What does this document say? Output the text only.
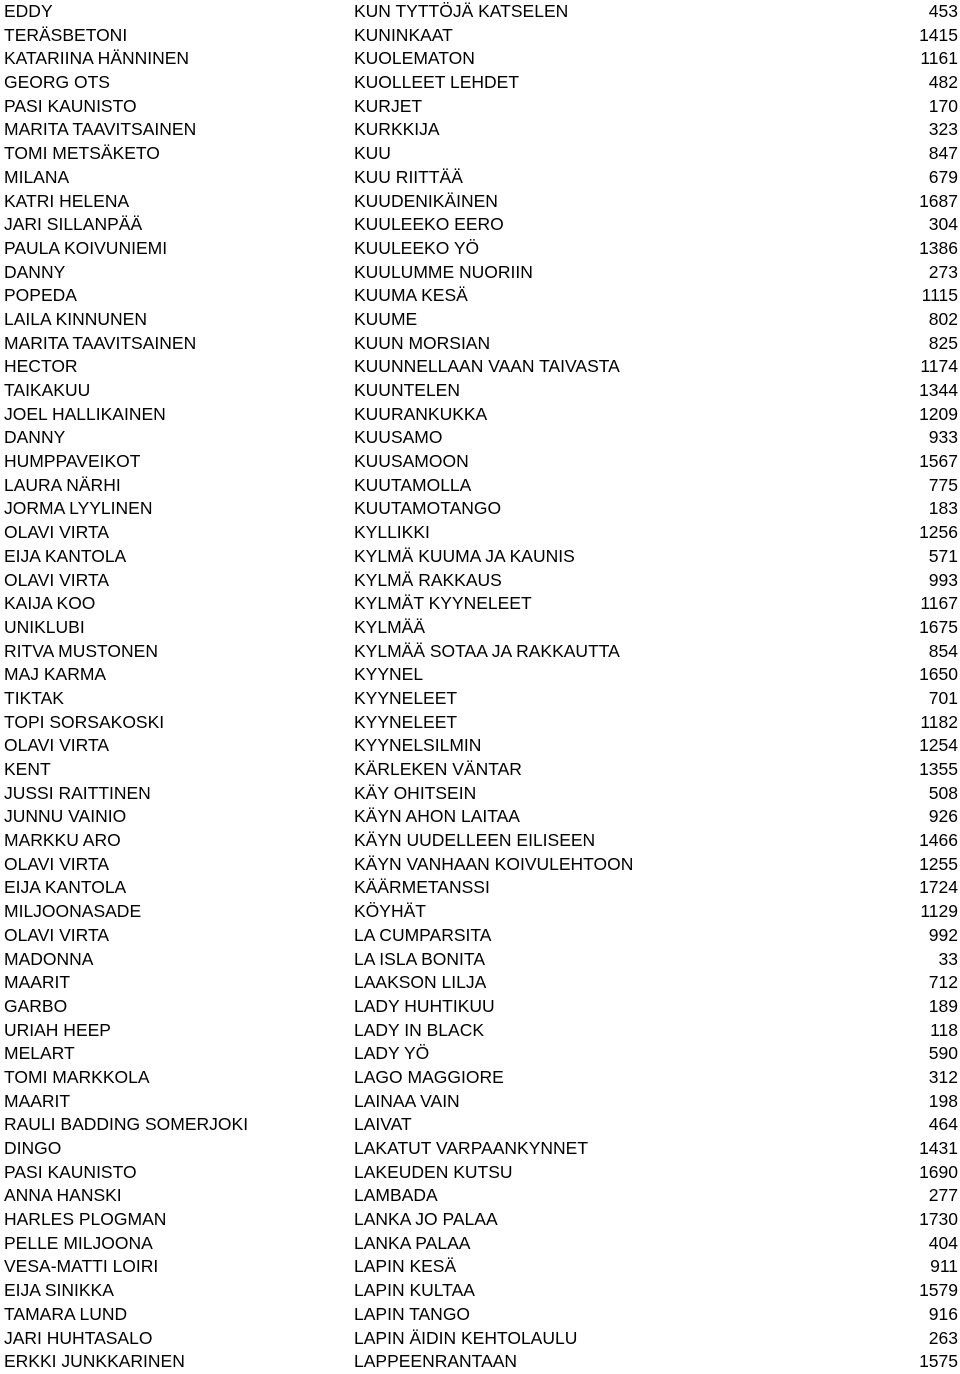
EDDY	KUN TYTTÖJÄ KATSELEN	453
TERÄSBETONI	KUNINKAAT	1415
KATARIINA HÄNNINEN	KUOLEMATON	1161
GEORG OTS	KUOLLEET LEHDET	482
PASI KAUNISTO	KURJET	170
MARITA TAAVITSAINEN	KURKKIJA	323
TOMI METSÄKETO	KUU	847
MILANA	KUU RIITTÄÄ	679
KATRI HELENA	KUUDENIKÄINEN	1687
JARI SILLANPÄÄ	KUULEEKO EERO	304
PAULA KOIVUNIEMI	KUULEEKO YÖ	1386
DANNY	KUULUMME NUORIIN	273
POPEDA	KUUMA KESÄ	1115
LAILA KINNUNEN	KUUME	802
MARITA TAAVITSAINEN	KUUN MORSIAN	825
HECTOR	KUUNNELLAAN VAAN TAIVASTA	1174
TAIKAKUU	KUUNTELEN	1344
JOEL HALLIKAINEN	KUURANKUKKA	1209
DANNY	KUUSAMO	933
HUMPPAVEIKOT	KUUSAMOON	1567
LAURA NÄRHI	KUUTAMOLLA	775
JORMA LYYLINEN	KUUTAMOTANGO	183
OLAVI VIRTA	KYLLIKKI	1256
EIJA KANTOLA	KYLMÄ KUUMA JA KAUNIS	571
OLAVI VIRTA	KYLMÄ RAKKAUS	993
KAIJA KOO	KYLMÄT KYYNELEET	1167
UNIKLUBI	KYLMÄÄ	1675
RITVA MUSTONEN	KYLMÄÄ SOTAA JA RAKKAUTTA	854
MAJ KARMA	KYYNEL	1650
TIKTAK	KYYNELEET	701
TOPI SORSAKOSKI	KYYNELEET	1182
OLAVI VIRTA	KYYNELSILMIN	1254
KENT	KÄRLEKEN VÄNTAR	1355
JUSSI RAITTINEN	KÄY OHITSEIN	508
JUNNU VAINIO	KÄYN AHON LAITAA	926
MARKKU ARO	KÄYN UUDELLEEN EILISEEN	1466
OLAVI VIRTA	KÄYN VANHAAN KOIVULEHTOON	1255
EIJA KANTOLA	KÄÄRMETANSSI	1724
MILJOONASADE	KÖYHÄT	1129
OLAVI VIRTA	LA CUMPARSITA	992
MADONNA	LA ISLA BONITA	33
MAARIT	LAAKSON LILJA	712
GARBO	LADY HUHTIKUU	189
URIAH HEEP	LADY IN BLACK	118
MELART	LADY YÖ	590
TOMI MARKKOLA	LAGO MAGGIORE	312
MAARIT	LAINAA VAIN	198
RAULI BADDING SOMERJOKI	LAIVAT	464
DINGO	LAKATUT VARPAANKYNNET	1431
PASI KAUNISTO	LAKEUDEN KUTSU	1690
ANNA HANSKI	LAMBADA	277
HARLES PLOGMAN	LANKA JO PALAA	1730
PELLE MILJOONA	LANKA PALAA	404
VESA-MATTI LOIRI	LAPIN KESÄ	911
EIJA SINIKKA	LAPIN KULTAA	1579
TAMARA LUND	LAPIN TANGO	916
JARI HUHTASALO	LAPIN ÄIDIN KEHTOLAULU	263
ERKKI JUNKKARINEN	LAPPEENRANTAAN	1575
